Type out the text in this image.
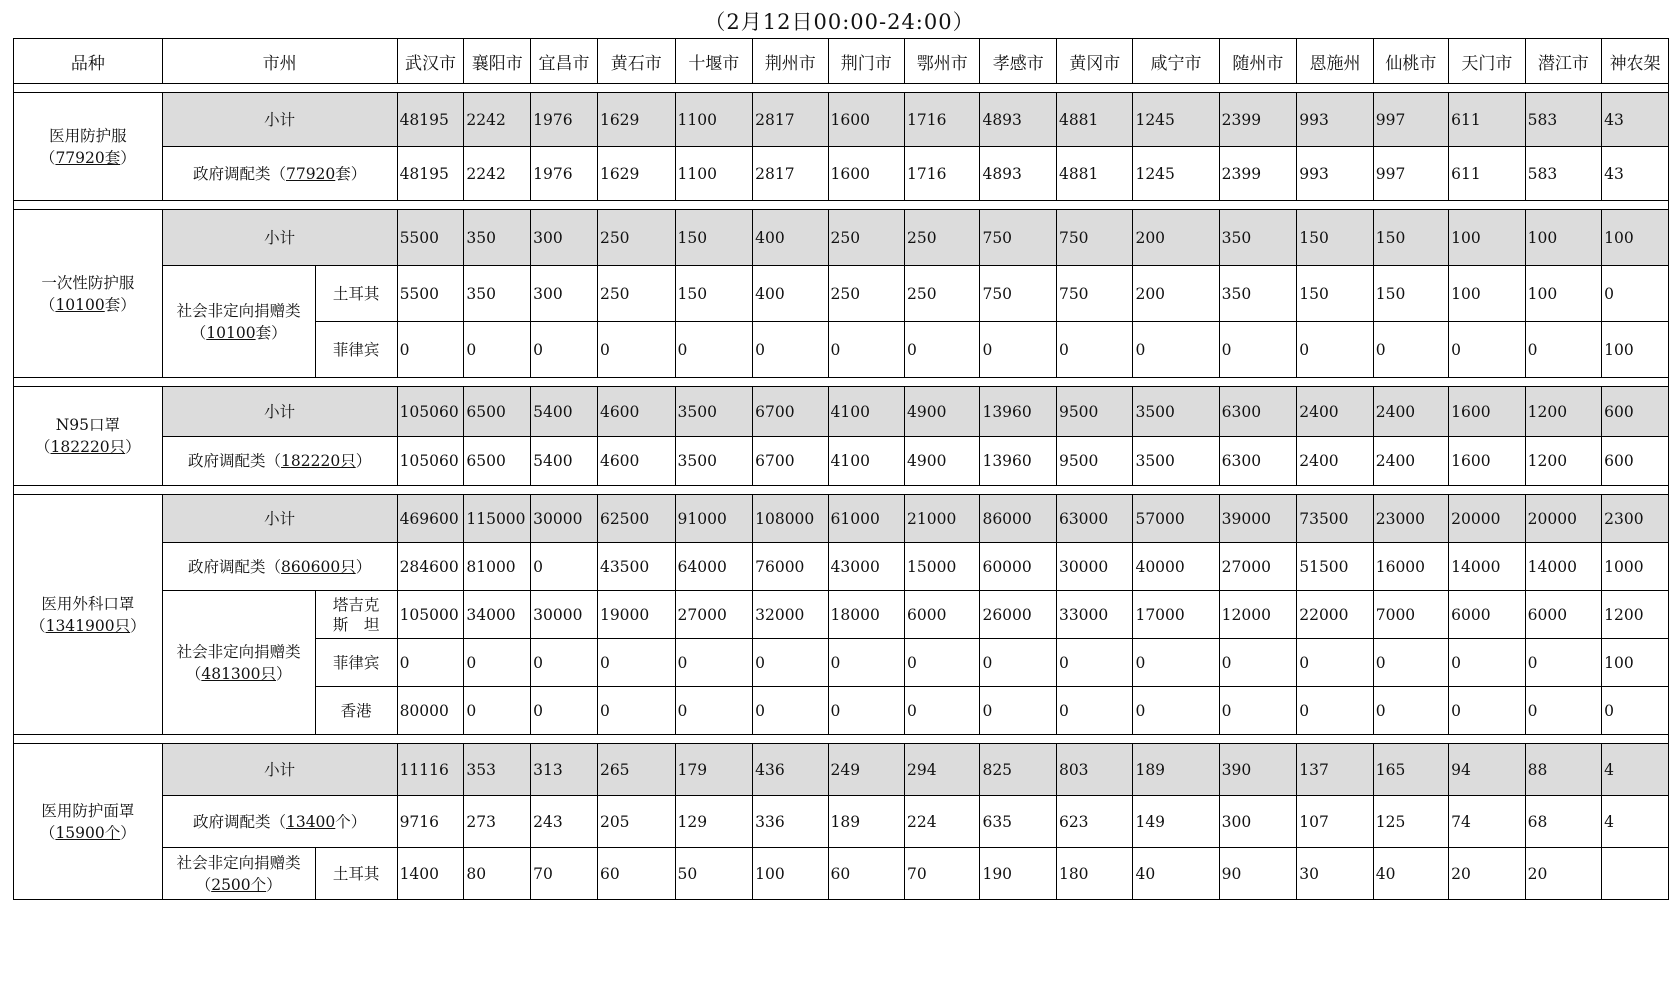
（2月12日00:00-24:00）
品种	市州		武汉市	襄阳市	宜昌市	黄石市	十堰市	荆州市	荆门市	鄂州市	孝感市	黄冈市	咸宁市	随州市	恩施州	仙桃市	天门市	潜江市	神农架

医用防护服
（77920套）	小计		48195	2242	1976	1629	1100	2817	1600	1716	4893	4881	1245	2399	993	997	611	583	43
	政府调配类（77920套）		48195	2242	1976	1629	1100	2817	1600	1716	4893	4881	1245	2399	993	997	611	583	43

一次性防护服
（10100套）	小计		5500	350	300	250	150	400	250	250	750	750	200	350	150	150	100	100	100
	社会非定向捐赠类
（10100套）	土耳其	5500	350	300	250	150	400	250	250	750	750	200	350	150	150	100	100	0
		菲律宾	0	0	0	0	0	0	0	0	0	0	0	0	0	0	0	0	100

N95口罩
（182220只）	小计		105060	6500	5400	4600	3500	6700	4100	4900	13960	9500	3500	6300	2400	2400	1600	1200	600
	政府调配类（182220只）		105060	6500	5400	4600	3500	6700	4100	4900	13960	9500	3500	6300	2400	2400	1600	1200	600

医用外科口罩
（1341900只）	小计		469600	115000	30000	62500	91000	108000	61000	21000	86000	63000	57000	39000	73500	23000	20000	20000	2300
	政府调配类（860600只）		284600	81000	0	43500	64000	76000	43000	15000	60000	30000	40000	27000	51500	16000	14000	14000	1000
	社会非定向捐赠类
（481300只）	塔吉克
斯　坦	105000	34000	30000	19000	27000	32000	18000	6000	26000	33000	17000	12000	22000	7000	6000	6000	1200
		菲律宾	0	0	0	0	0	0	0	0	0	0	0	0	0	0	0	0	100
		香港	80000	0	0	0	0	0	0	0	0	0	0	0	0	0	0	0	0

医用防护面罩
（15900个）	小计		11116	353	313	265	179	436	249	294	825	803	189	390	137	165	94	88	4
	政府调配类（13400个）		9716	273	243	205	129	336	189	224	635	623	149	300	107	125	74	68	4
	社会非定向捐赠类
（2500个）	土耳其	1400	80	70	60	50	100	60	70	190	180	40	90	30	40	20	20	
